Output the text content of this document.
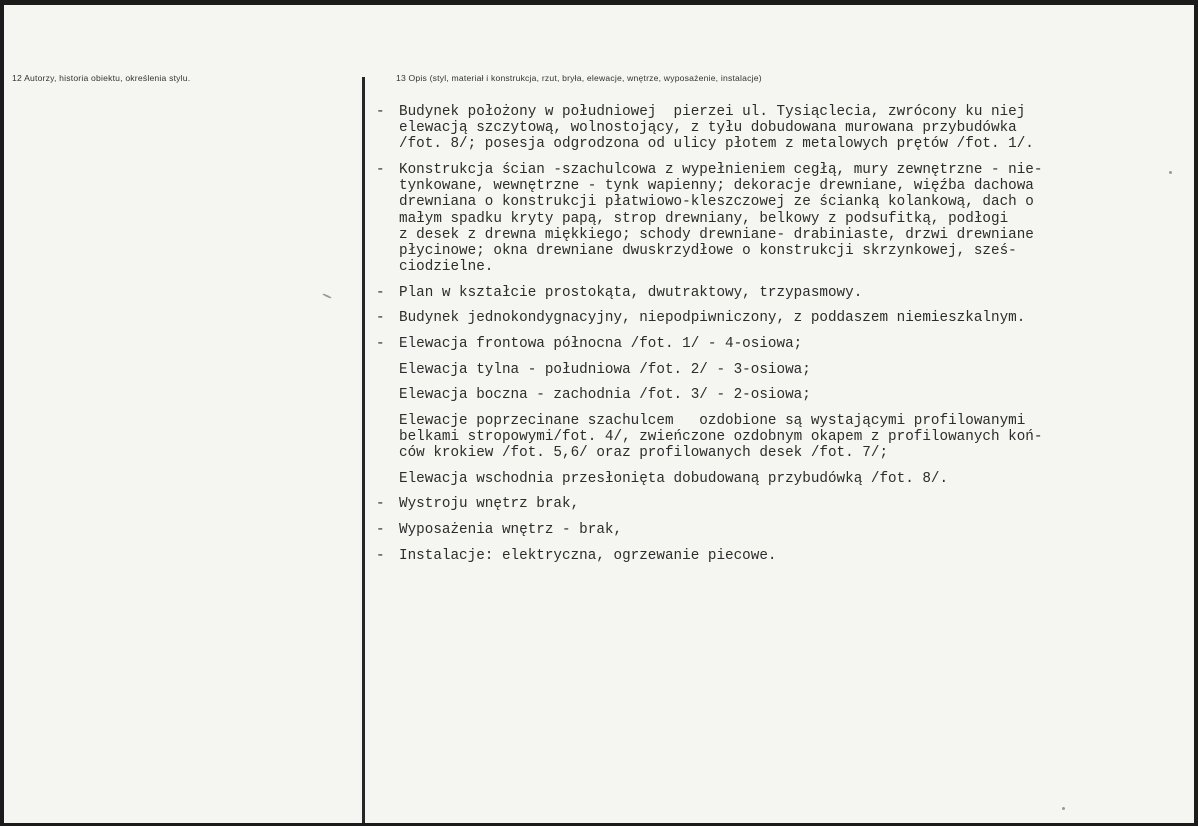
12 Autorzy, historia obiektu, określenia stylu.	13 Opis (styl, materiał i konstrukcja, rzut, bryła, elewacje, wnętrze, wyposażenie, instalacje)
- Budynek położony w południowej  pierzei ul. Tysiąclecia, zwrócony ku niej
elewacją szczytową, wolnostojący, z tyłu dobudowana murowana przybudówka
/fot. 8/; posesja odgrodzona od ulicy płotem z metalowych prętów /fot. 1/.
- Konstrukcja ścian -szachulcowa z wypełnieniem cegłą, mury zewnętrzne - nie-
tynkowane, wewnętrzne - tynk wapienny; dekoracje drewniane, więźba dachowa
drewniana o konstrukcji płatwiowo-kleszczowej ze ścianką kolankową, dach o
małym spadku kryty papą, strop drewniany, belkowy z podsufitką, podłogi
z desek z drewna miękkiego; schody drewniane- drabiniaste, drzwi drewniane
płycinowe; okna drewniane dwuskrzydłowe o konstrukcji skrzynkowej, sześ-
ciodzielne.
- Plan w kształcie prostokąta, dwutraktowy, trzypasmowy.
- Budynek jednokondygnacyjny, niepodpiwniczony, z poddaszem niemieszkalnym.
- Elewacja frontowa północna /fot. 1/ - 4-osiowa;
Elewacja tylna - południowa /fot. 2/ - 3-osiowa;
Elewacja boczna - zachodnia /fot. 3/ - 2-osiowa;
Elewacje poprzecinane szachulcem   ozdobione są wystającymi profilowanymi
belkami stropowymi/fot. 4/, zwieńczone ozdobnym okapem z profilowanych koń-
ców krokiew /fot. 5,6/ oraz profilowanych desek /fot. 7/;
Elewacja wschodnia przesłonięta dobudowaną przybudówką /fot. 8/.
- Wystroju wnętrz brak,
- Wyposażenia wnętrz - brak,
- Instalacje: elektryczna, ogrzewanie piecowe.
